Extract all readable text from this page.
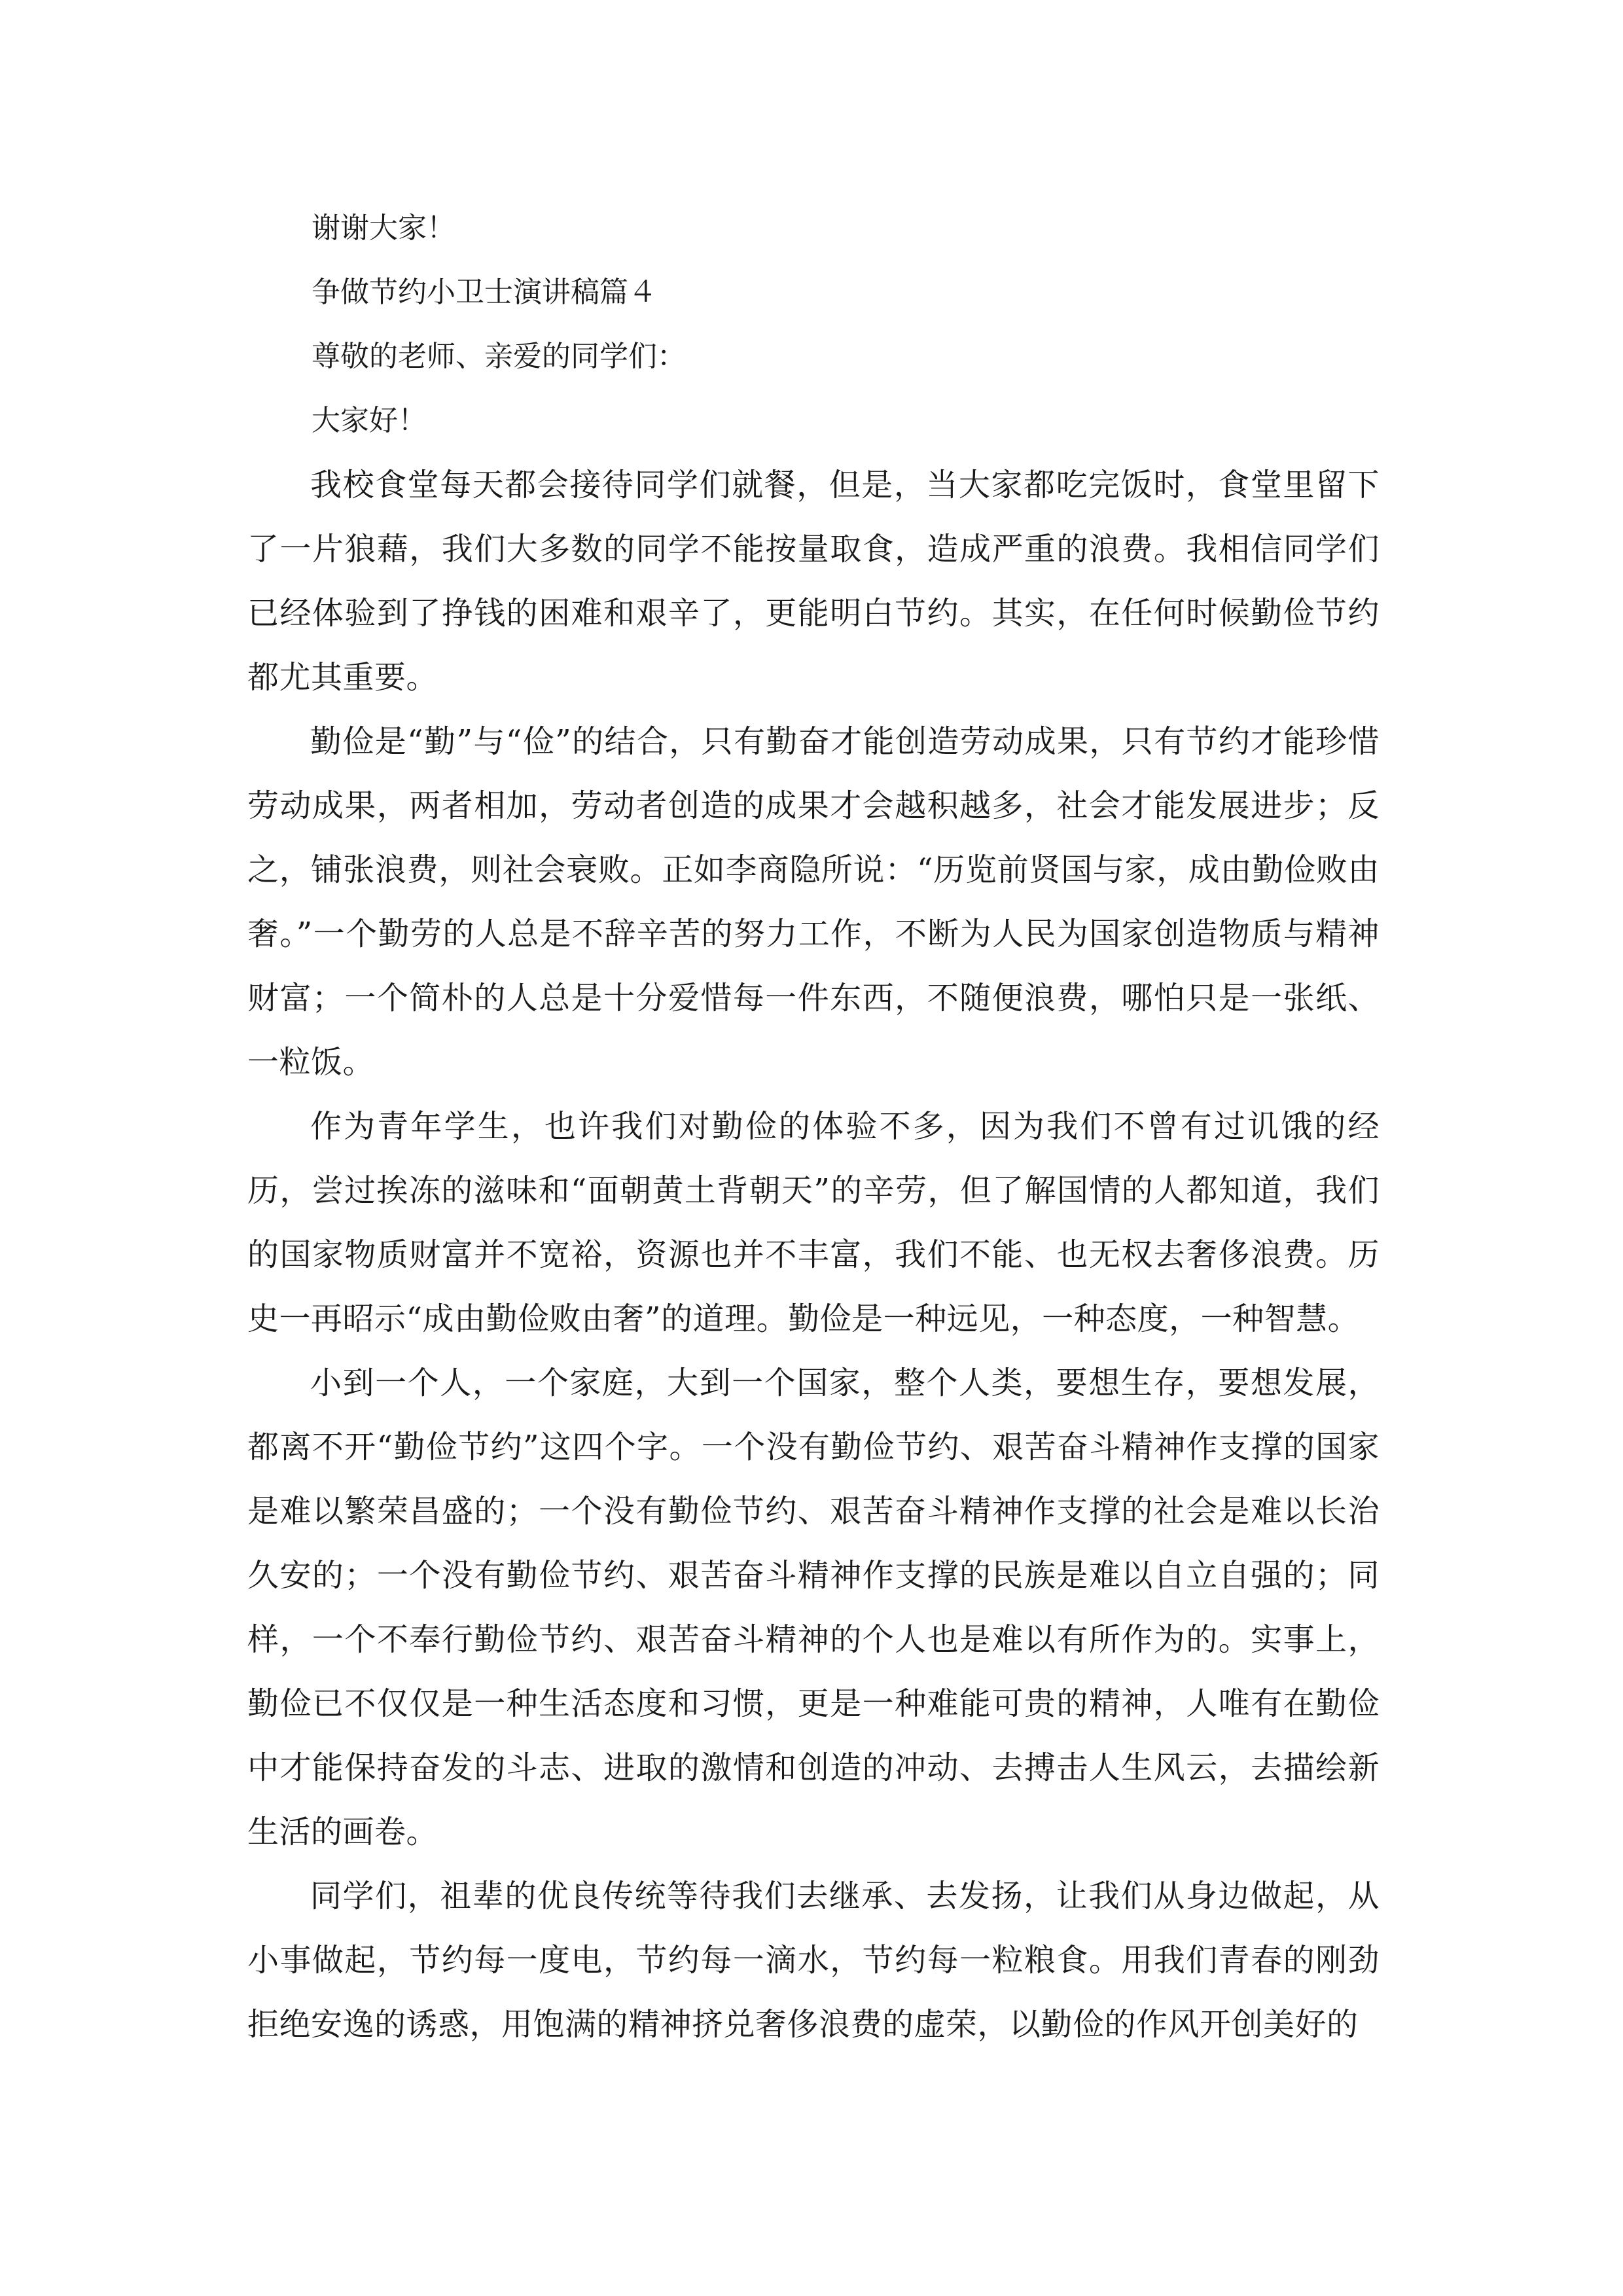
谢谢大家！

争做节约小卫士演讲稿篇４

尊敬的老师、亲爱的同学们：

大家好！

我校食堂每天都会接待同学们就餐，但是，当大家都吃完饭时，食堂里留下了一片狼藉，我们大多数的同学不能按量取食，造成严重的浪费。我相信同学们已经体验到了挣钱的困难和艰辛了，更能明白节约。其实，在任何时候勤俭节约都尤其重要。

勤俭是“勤”与“俭”的结合，只有勤奋才能创造劳动成果，只有节约才能珍惜劳动成果，两者相加，劳动者创造的成果才会越积越多，社会才能发展进步；反之，铺张浪费，则社会衰败。正如李商隐所说：“历览前贤国与家，成由勤俭败由奢。”一个勤劳的人总是不辞辛苦的努力工作，不断为人民为国家创造物质与精神财富；一个简朴的人总是十分爱惜每一件东西，不随便浪费，哪怕只是一张纸、一粒饭。

作为青年学生，也许我们对勤俭的体验不多，因为我们不曾有过讥饿的经历，尝过挨冻的滋味和“面朝黄土背朝天”的辛劳，但了解国情的人都知道，我们的国家物质财富并不宽裕，资源也并不丰富，我们不能、也无权去奢侈浪费。历史一再昭示“成由勤俭败由奢”的道理。勤俭是一种远见，一种态度，一种智慧。

小到一个人，一个家庭，大到一个国家，整个人类，要想生存，要想发展，都离不开“勤俭节约”这四个字。一个没有勤俭节约、艰苦奋斗精神作支撑的国家是难以繁荣昌盛的；一个没有勤俭节约、艰苦奋斗精神作支撑的社会是难以长治久安的；一个没有勤俭节约、艰苦奋斗精神作支撑的民族是难以自立自强的；同样，一个不奉行勤俭节约、艰苦奋斗精神的个人也是难以有所作为的。实事上，勤俭已不仅仅是一种生活态度和习惯，更是一种难能可贵的精神，人唯有在勤俭中才能保持奋发的斗志、进取的激情和创造的冲动、去搏击人生风云，去描绘新生活的画卷。

同学们，祖辈的优良传统等待我们去继承、去发扬，让我们从身边做起，从小事做起，节约每一度电，节约每一滴水，节约每一粒粮食。用我们青春的刚劲拒绝安逸的诱惑，用饱满的精神挤兑奢侈浪费的虚荣，以勤俭的作风开创美好的
